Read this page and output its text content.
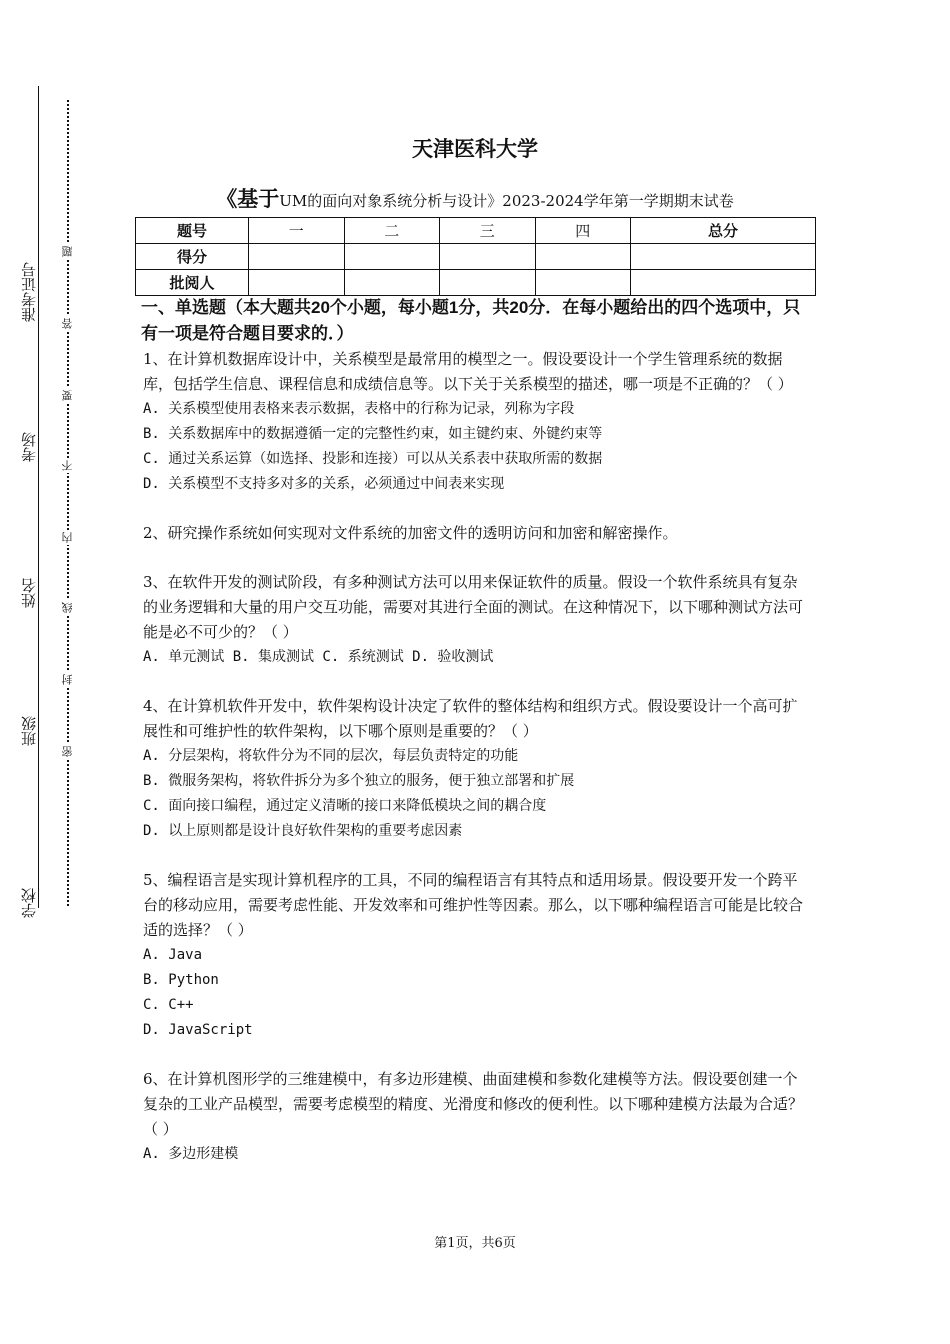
准考证号
考场
姓名
班级
学校
题
答
要
不
内
线
封
密
天津医科大学
《基于UM的面向对象系统分析与设计》2023-2024学年第一学期期末试卷
题号	一	二	三	四	总分
得分					
批阅人					
一、单选题（本大题共20个小题，每小题1分，共20分．在每小题给出的四个选项中，只有一项是符合题目要求的．）

1、在计算机数据库设计中，关系模型是最常用的模型之一。假设要设计一个学生管理系统的数据库，包括学生信息、课程信息和成绩信息等。以下关于关系模型的描述，哪一项是不正确的？（ ）

A. 关系模型使用表格来表示数据，表格中的行称为记录，列称为字段

B. 关系数据库中的数据遵循一定的完整性约束，如主键约束、外键约束等

C. 通过关系运算（如选择、投影和连接）可以从关系表中获取所需的数据

D. 关系模型不支持多对多的关系，必须通过中间表来实现

2、研究操作系统如何实现对文件系统的加密文件的透明访问和加密和解密操作。

3、在软件开发的测试阶段，有多种测试方法可以用来保证软件的质量。假设一个软件系统具有复杂的业务逻辑和大量的用户交互功能，需要对其进行全面的测试。在这种情况下，以下哪种测试方法可能是必不可少的？（ ）

A. 单元测试 B. 集成测试 C. 系统测试 D. 验收测试

4、在计算机软件开发中，软件架构设计决定了软件的整体结构和组织方式。假设要设计一个高可扩展性和可维护性的软件架构，以下哪个原则是重要的？（ ）

A. 分层架构，将软件分为不同的层次，每层负责特定的功能

B. 微服务架构，将软件拆分为多个独立的服务，便于独立部署和扩展

C. 面向接口编程，通过定义清晰的接口来降低模块之间的耦合度

D. 以上原则都是设计良好软件架构的重要考虑因素

5、编程语言是实现计算机程序的工具，不同的编程语言有其特点和适用场景。假设要开发一个跨平台的移动应用，需要考虑性能、开发效率和可维护性等因素。那么，以下哪种编程语言可能是比较合适的选择？（ ）

A. Java

B. Python

C. C++

D. JavaScript

6、在计算机图形学的三维建模中，有多边形建模、曲面建模和参数化建模等方法。假设要创建一个复杂的工业产品模型，需要考虑模型的精度、光滑度和修改的便利性。以下哪种建模方法最为合适？（ ）

A. 多边形建模

第1页，共6页
